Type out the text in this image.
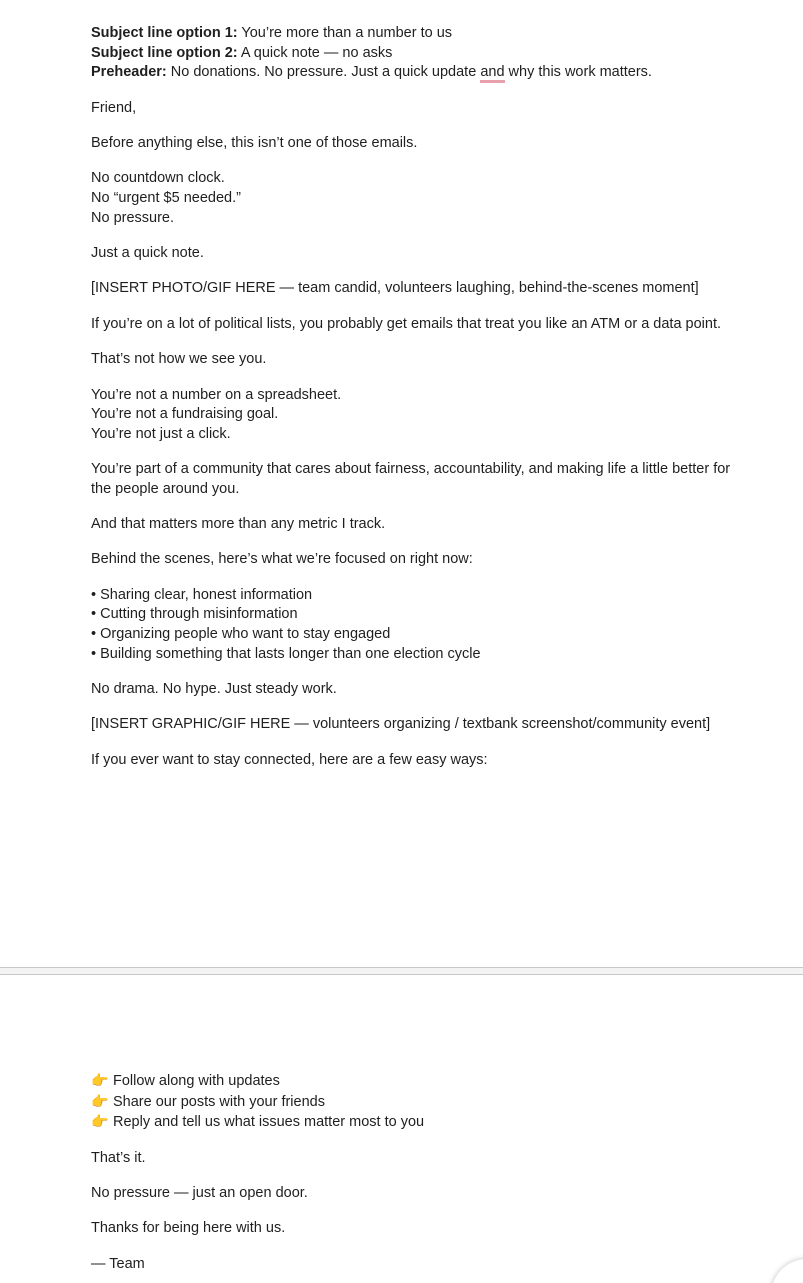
Subject line option 1: You’re more than a number to us
Subject line option 2: A quick note — no asks
Preheader: No donations. No pressure. Just a quick update and why this work matters.
Friend,
Before anything else, this isn’t one of those emails.
No countdown clock.
No “urgent $5 needed.”
No pressure.
Just a quick note.
[INSERT PHOTO/GIF HERE — team candid, volunteers laughing, behind-the-scenes moment]
If you’re on a lot of political lists, you probably get emails that treat you like an ATM or a data point.
That’s not how we see you.
You’re not a number on a spreadsheet.
You’re not a fundraising goal.
You’re not just a click.
You’re part of a community that cares about fairness, accountability, and making life a little better for the people around you.
And that matters more than any metric I track.
Behind the scenes, here’s what we’re focused on right now:
• Sharing clear, honest information
• Cutting through misinformation
• Organizing people who want to stay engaged
• Building something that lasts longer than one election cycle
No drama. No hype. Just steady work.
[INSERT GRAPHIC/GIF HERE — volunteers organizing / textbank screenshot/community event]
If you ever want to stay connected, here are a few easy ways:
👉 Follow along with updates
👉 Share our posts with your friends
👉 Reply and tell us what issues matter most to you
That’s it.
No pressure — just an open door.
Thanks for being here with us.
— Team
